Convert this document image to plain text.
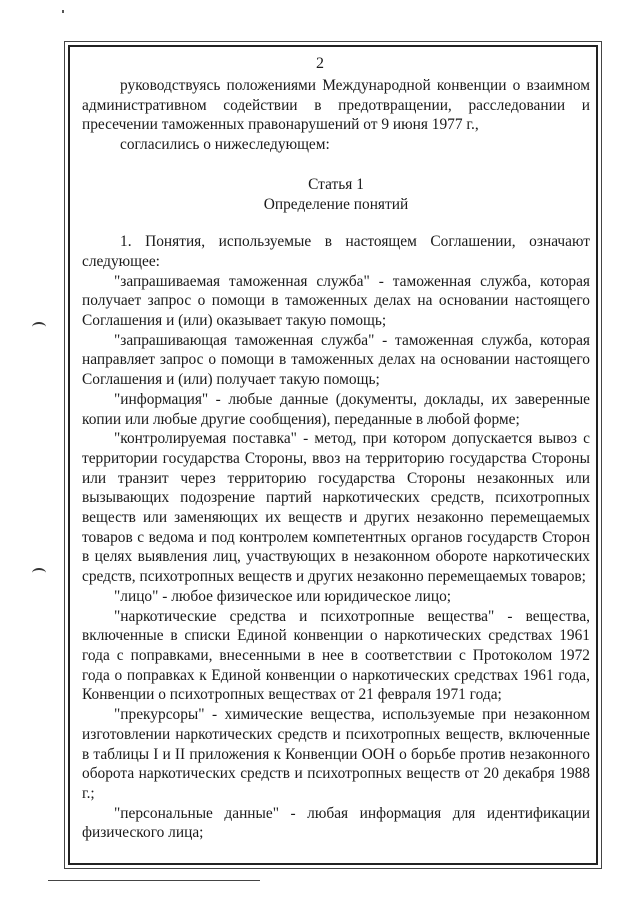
2

руководствуясь положениями Международной конвенции о взаимном административном содействии в предотвращении, расследовании и пресечении таможенных правонарушений от 9 июня 1977 г.,

согласились о нижеследующем:

Статья 1

Определение понятий

1. Понятия, используемые в настоящем Соглашении, означают следующее:

"запрашиваемая таможенная служба" - таможенная служба, которая получает запрос о помощи в таможенных делах на основании настоящего Соглашения и (или) оказывает такую помощь;

"запрашивающая таможенная служба" - таможенная служба, которая направляет запрос о помощи в таможенных делах на основании настоящего Соглашения и (или) получает такую помощь;

"информация" - любые данные (документы, доклады, их заверенные копии или любые другие сообщения), переданные в любой форме;

"контролируемая поставка" - метод, при котором допускается вывоз с территории государства Стороны, ввоз на территорию государства Стороны или транзит через территорию государства Стороны незаконных или вызывающих подозрение партий наркотических средств, психотропных веществ или заменяющих их веществ и других незаконно перемещаемых товаров с ведома и под контролем компетентных органов государств Сторон в целях выявления лиц, участвующих в незаконном обороте наркотических средств, психотропных веществ и других незаконно перемещаемых товаров;

"лицо" - любое физическое или юридическое лицо;

"наркотические средства и психотропные вещества" - вещества, включенные в списки Единой конвенции о наркотических средствах 1961 года с поправками, внесенными в нее в соответствии с Протоколом 1972 года о поправках к Единой конвенции о наркотических средствах 1961 года, Конвенции о психотропных веществах от 21 февраля 1971 года;

"прекурсоры" - химические вещества, используемые при незаконном изготовлении наркотических средств и психотропных веществ, включенные в таблицы I и II приложения к Конвенции ООН о борьбе против незаконного оборота наркотических средств и психотропных веществ от 20 декабря 1988 г.;

"персональные данные" - любая информация для идентификации физического лица;
